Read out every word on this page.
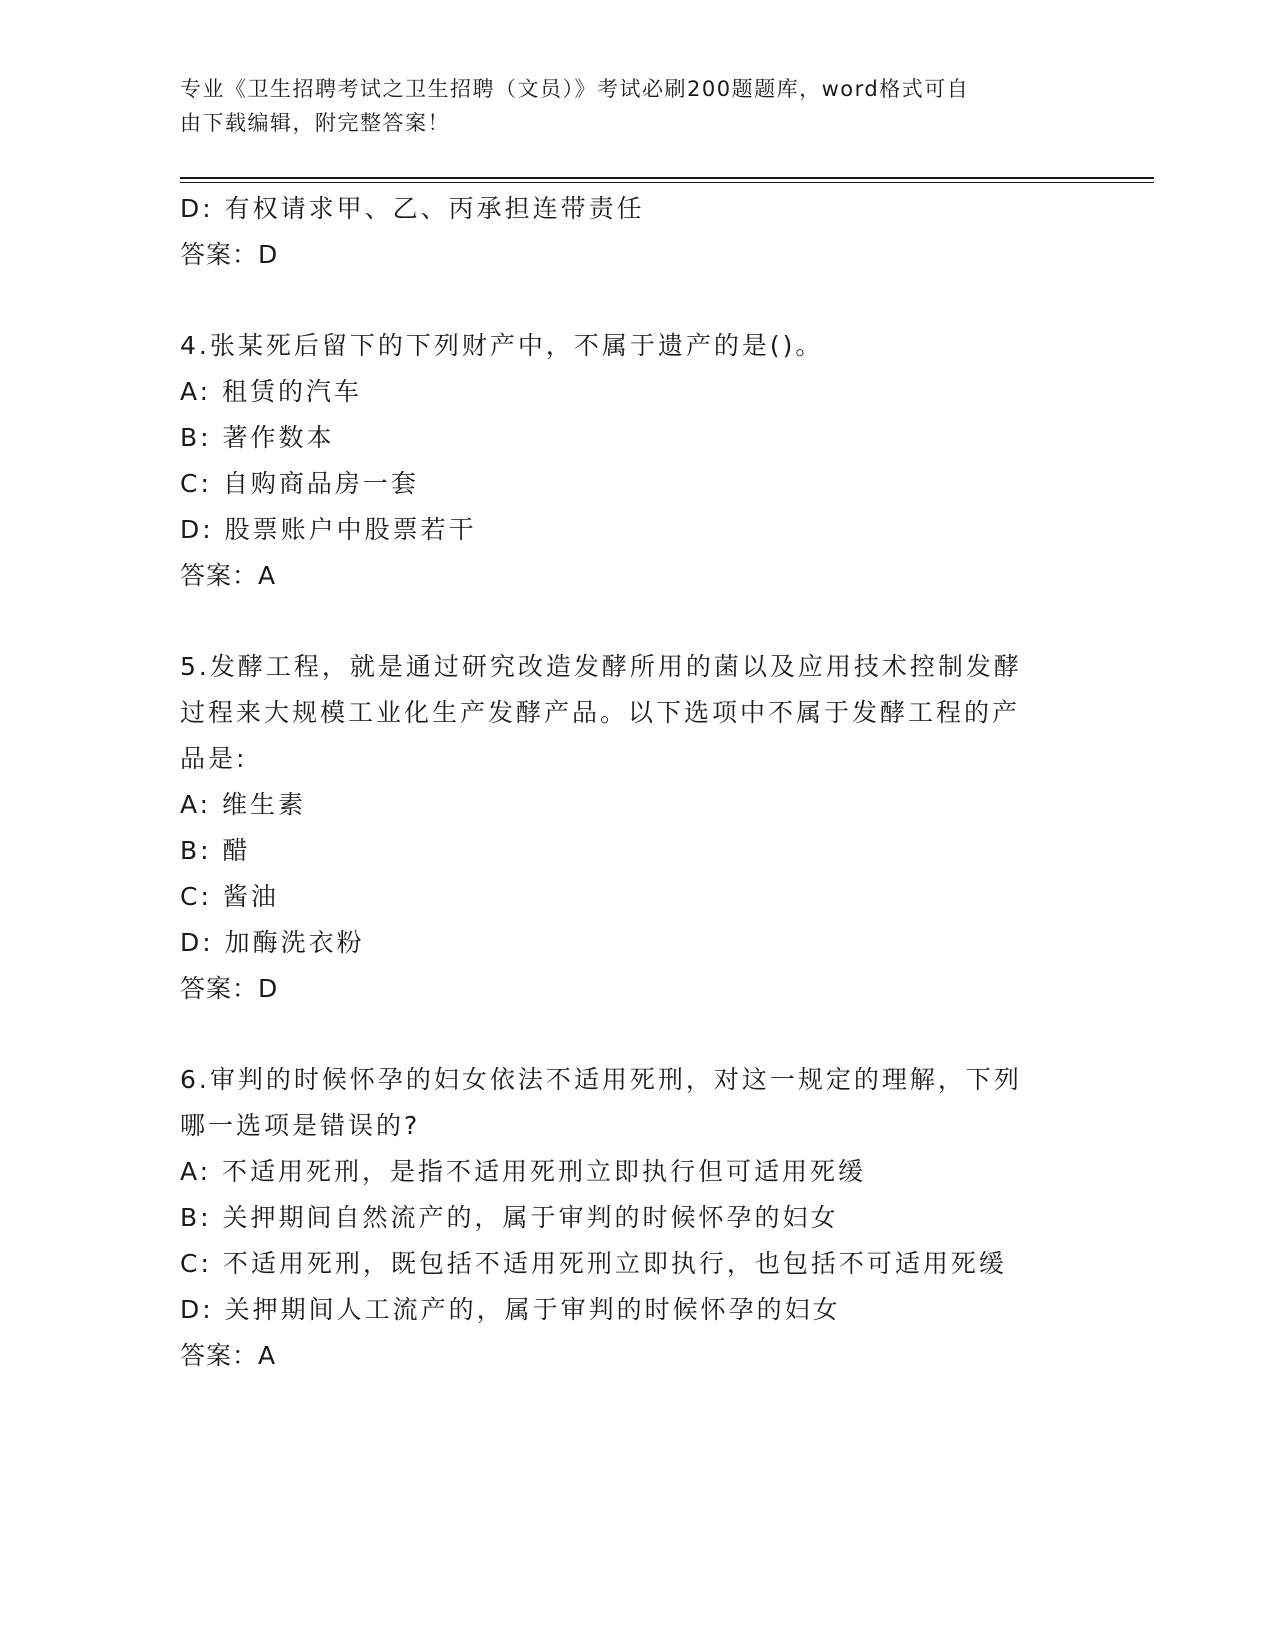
专业《卫生招聘考试之卫生招聘（文员）》考试必刷200题题库，word格式可自
由下载编辑，附完整答案！
D: 有权请求甲、乙、丙承担连带责任
答案：D
4.张某死后留下的下列财产中，不属于遗产的是()。
A: 租赁的汽车
B: 著作数本
C: 自购商品房一套
D: 股票账户中股票若干
答案：A
5.发酵工程，就是通过研究改造发酵所用的菌以及应用技术控制发酵
过程来大规模工业化生产发酵产品。以下选项中不属于发酵工程的产
品是:
A: 维生素
B: 醋
C: 酱油
D: 加酶洗衣粉
答案：D
6.审判的时候怀孕的妇女依法不适用死刑，对这一规定的理解，下列
哪一选项是错误的?
A: 不适用死刑，是指不适用死刑立即执行但可适用死缓
B: 关押期间自然流产的，属于审判的时候怀孕的妇女
C: 不适用死刑，既包括不适用死刑立即执行，也包括不可适用死缓
D: 关押期间人工流产的，属于审判的时候怀孕的妇女
答案：A
